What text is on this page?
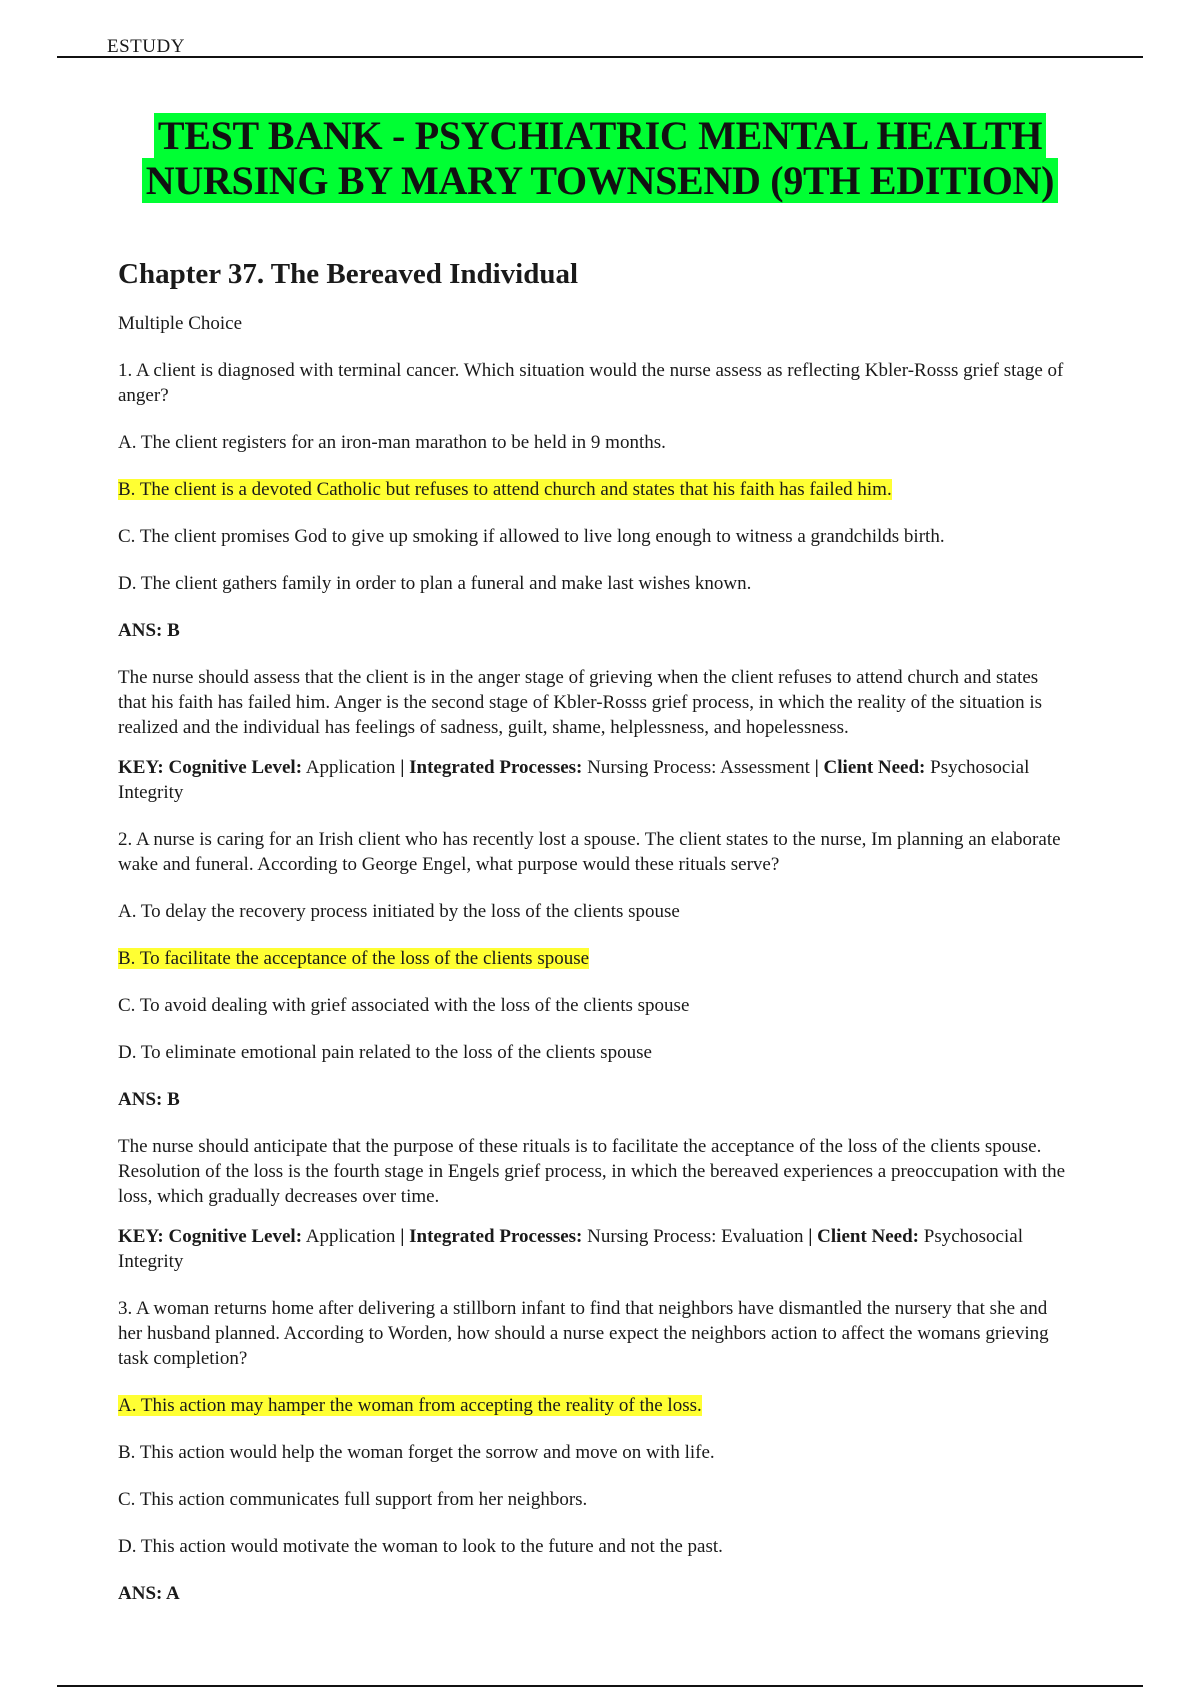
ESTUDY
TEST BANK - PSYCHIATRIC MENTAL HEALTH
NURSING BY MARY TOWNSEND (9TH EDITION)
Chapter 37. The Bereaved Individual
Multiple Choice
1. A client is diagnosed with terminal cancer. Which situation would the nurse assess as reflecting Kbler-Rosss grief stage of anger?
A. The client registers for an iron-man marathon to be held in 9 months.
B. The client is a devoted Catholic but refuses to attend church and states that his faith has failed him.
C. The client promises God to give up smoking if allowed to live long enough to witness a grandchilds birth.
D. The client gathers family in order to plan a funeral and make last wishes known.
ANS: B
The nurse should assess that the client is in the anger stage of grieving when the client refuses to attend church and states that his faith has failed him. Anger is the second stage of Kbler-Rosss grief process, in which the reality of the situation is realized and the individual has feelings of sadness, guilt, shame, helplessness, and hopelessness.
KEY: Cognitive Level: Application | Integrated Processes: Nursing Process: Assessment | Client Need: Psychosocial Integrity
2. A nurse is caring for an Irish client who has recently lost a spouse. The client states to the nurse, Im planning an elaborate wake and funeral. According to George Engel, what purpose would these rituals serve?
A. To delay the recovery process initiated by the loss of the clients spouse
B. To facilitate the acceptance of the loss of the clients spouse
C. To avoid dealing with grief associated with the loss of the clients spouse
D. To eliminate emotional pain related to the loss of the clients spouse
ANS: B
The nurse should anticipate that the purpose of these rituals is to facilitate the acceptance of the loss of the clients spouse. Resolution of the loss is the fourth stage in Engels grief process, in which the bereaved experiences a preoccupation with the loss, which gradually decreases over time.
KEY: Cognitive Level: Application | Integrated Processes: Nursing Process: Evaluation | Client Need: Psychosocial Integrity
3. A woman returns home after delivering a stillborn infant to find that neighbors have dismantled the nursery that she and her husband planned. According to Worden, how should a nurse expect the neighbors action to affect the womans grieving task completion?
A. This action may hamper the woman from accepting the reality of the loss.
B. This action would help the woman forget the sorrow and move on with life.
C. This action communicates full support from her neighbors.
D. This action would motivate the woman to look to the future and not the past.
ANS: A
